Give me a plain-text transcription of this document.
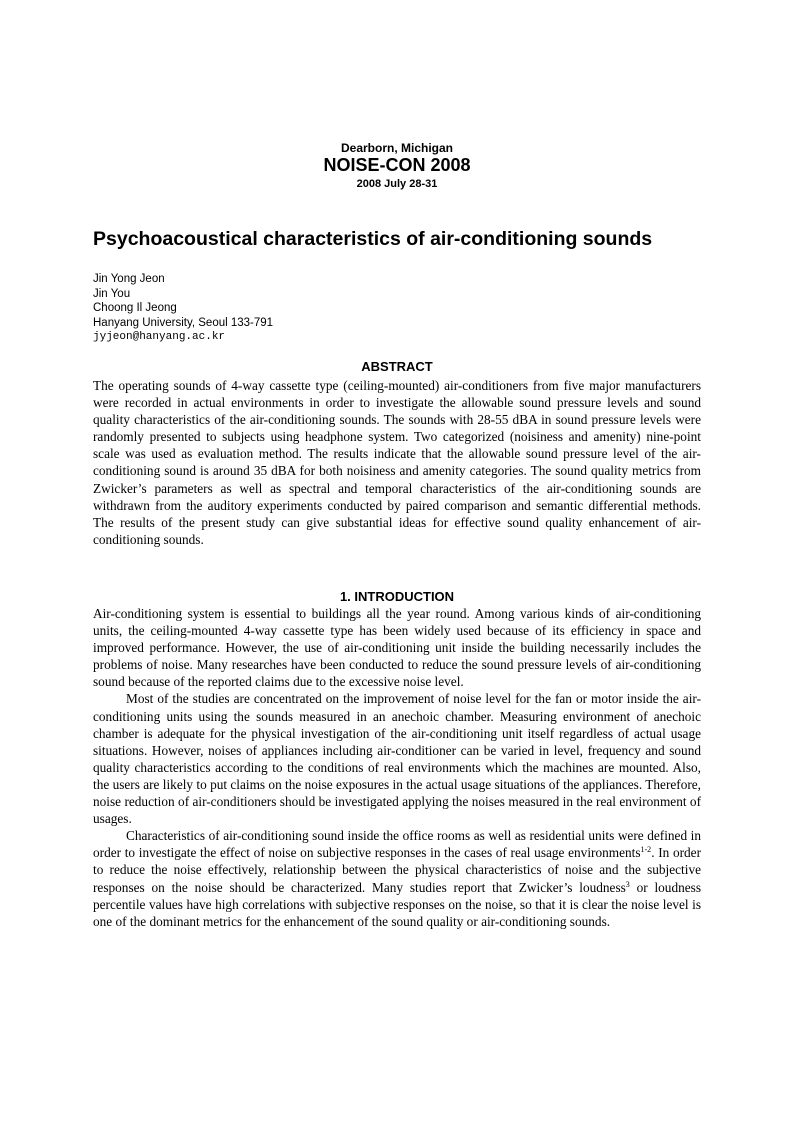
Dearborn, Michigan
NOISE-CON 2008
2008 July 28-31
Psychoacoustical characteristics of air-conditioning sounds
Jin Yong Jeon
Jin You
Choong Il Jeong
Hanyang University, Seoul 133-791
jyjeon@hanyang.ac.kr
ABSTRACT

The operating sounds of 4-way cassette type (ceiling-mounted) air-conditioners from five major manufacturers were recorded in actual environments in order to investigate the allowable sound pressure levels and sound quality characteristics of the air-conditioning sounds. The sounds with 28-55 dBA in sound pressure levels were randomly presented to subjects using headphone system. Two categorized (noisiness and amenity) nine-point scale was used as evaluation method. The results indicate that the allowable sound pressure level of the air-conditioning sound is around 35 dBA for both noisiness and amenity categories. The sound quality metrics from Zwicker’s parameters as well as spectral and temporal characteristics of the air-conditioning sounds are withdrawn from the auditory experiments conducted by paired comparison and semantic differential methods. The results of the present study can give substantial ideas for effective sound quality enhancement of air-conditioning sounds.

1. INTRODUCTION

Air-conditioning system is essential to buildings all the year round. Among various kinds of air-conditioning units, the ceiling-mounted 4-way cassette type has been widely used because of its efficiency in space and improved performance. However, the use of air-conditioning unit inside the building necessarily includes the problems of noise. Many researches have been conducted to reduce the sound pressure levels of air-conditioning sound because of the reported claims due to the excessive noise level.

Most of the studies are concentrated on the improvement of noise level for the fan or motor inside the air-conditioning units using the sounds measured in an anechoic chamber. Measuring environment of anechoic chamber is adequate for the physical investigation of the air-conditioning unit itself regardless of actual usage situations. However, noises of appliances including air-conditioner can be varied in level, frequency and sound quality characteristics according to the conditions of real environments which the machines are mounted. Also, the users are likely to put claims on the noise exposures in the actual usage situations of the appliances. Therefore, noise reduction of air-conditioners should be investigated applying the noises measured in the real environment of usages.

Characteristics of air-conditioning sound inside the office rooms as well as residential units were defined in order to investigate the effect of noise on subjective responses in the cases of real usage environments$^{1-2}$. In order to reduce the noise effectively, relationship between the physical characteristics of noise and the subjective responses on the noise should be characterized. Many studies report that Zwicker’s loudness$^3$ or loudness percentile values have high correlations with subjective responses on the noise, so that it is clear the noise level is one of the dominant metrics for the enhancement of the sound quality or air-conditioning sounds.
